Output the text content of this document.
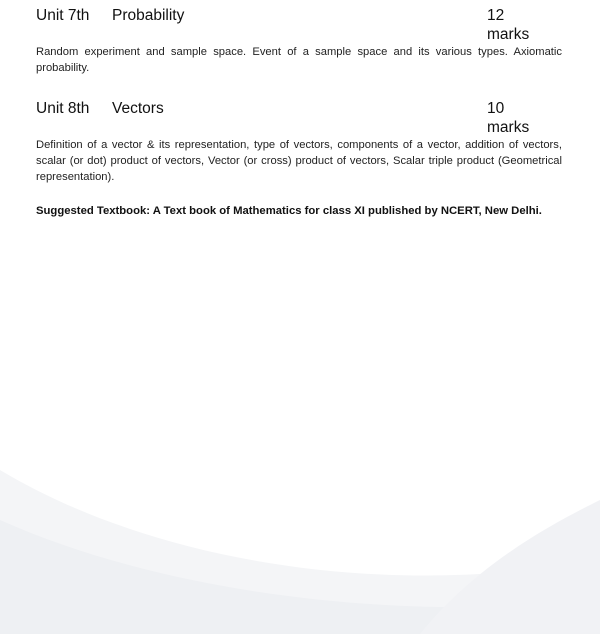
Unit 7th	Probability	12 marks

Random experiment and sample space. Event of a sample space and its various types. Axiomatic probability.

Unit 8th	Vectors	10 marks

Definition of a vector & its representation, type of vectors, components of a vector, addition of vectors, scalar (or dot) product of vectors, Vector (or cross) product of vectors, Scalar triple product (Geometrical representation).

Suggested Textbook: A Text book of Mathematics for class XI published by NCERT, New Delhi.
